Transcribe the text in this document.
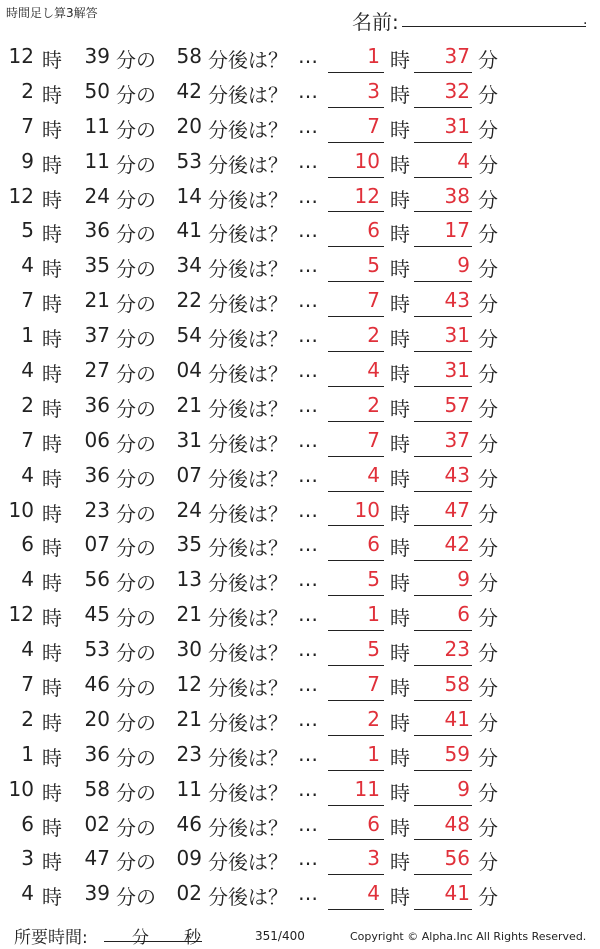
時間足し算3解答	名前:	.
12 時	39 分の	58 分後は？ …	1 時	37 分
2 時	50 分の	42 分後は？ …	3 時	32 分
7 時	11 分の	20 分後は？ …	7 時	31 分
9 時	11 分の	53 分後は？ …	10 時	4 分
12 時	24 分の	14 分後は？ …	12 時	38 分
5 時	36 分の	41 分後は？ …	6 時	17 分
4 時	35 分の	34 分後は？ …	5 時	9 分
7 時	21 分の	22 分後は？ …	7 時	43 分
1 時	37 分の	54 分後は？ …	2 時	31 分
4 時	27 分の	04 分後は？ …	4 時	31 分
2 時	36 分の	21 分後は？ …	2 時	57 分
7 時	06 分の	31 分後は？ …	7 時	37 分
4 時	36 分の	07 分後は？ …	4 時	43 分
10 時	23 分の	24 分後は？ …	10 時	47 分
6 時	07 分の	35 分後は？ …	6 時	42 分
4 時	56 分の	13 分後は？ …	5 時	9 分
12 時	45 分の	21 分後は？ …	1 時	6 分
4 時	53 分の	30 分後は？ …	5 時	23 分
7 時	46 分の	12 分後は？ …	7 時	58 分
2 時	20 分の	21 分後は？ …	2 時	41 分
1 時	36 分の	23 分後は？ …	1 時	59 分
10 時	58 分の	11 分後は？ …	11 時	9 分
6 時	02 分の	46 分後は？ …	6 時	48 分
3 時	47 分の	09 分後は？ …	3 時	56 分
4 時	39 分の	02 分後は？ …	4 時	41 分
所要時間:	分 秒	351/400	Copyright © Alpha.Inc All Rights Reserved.
